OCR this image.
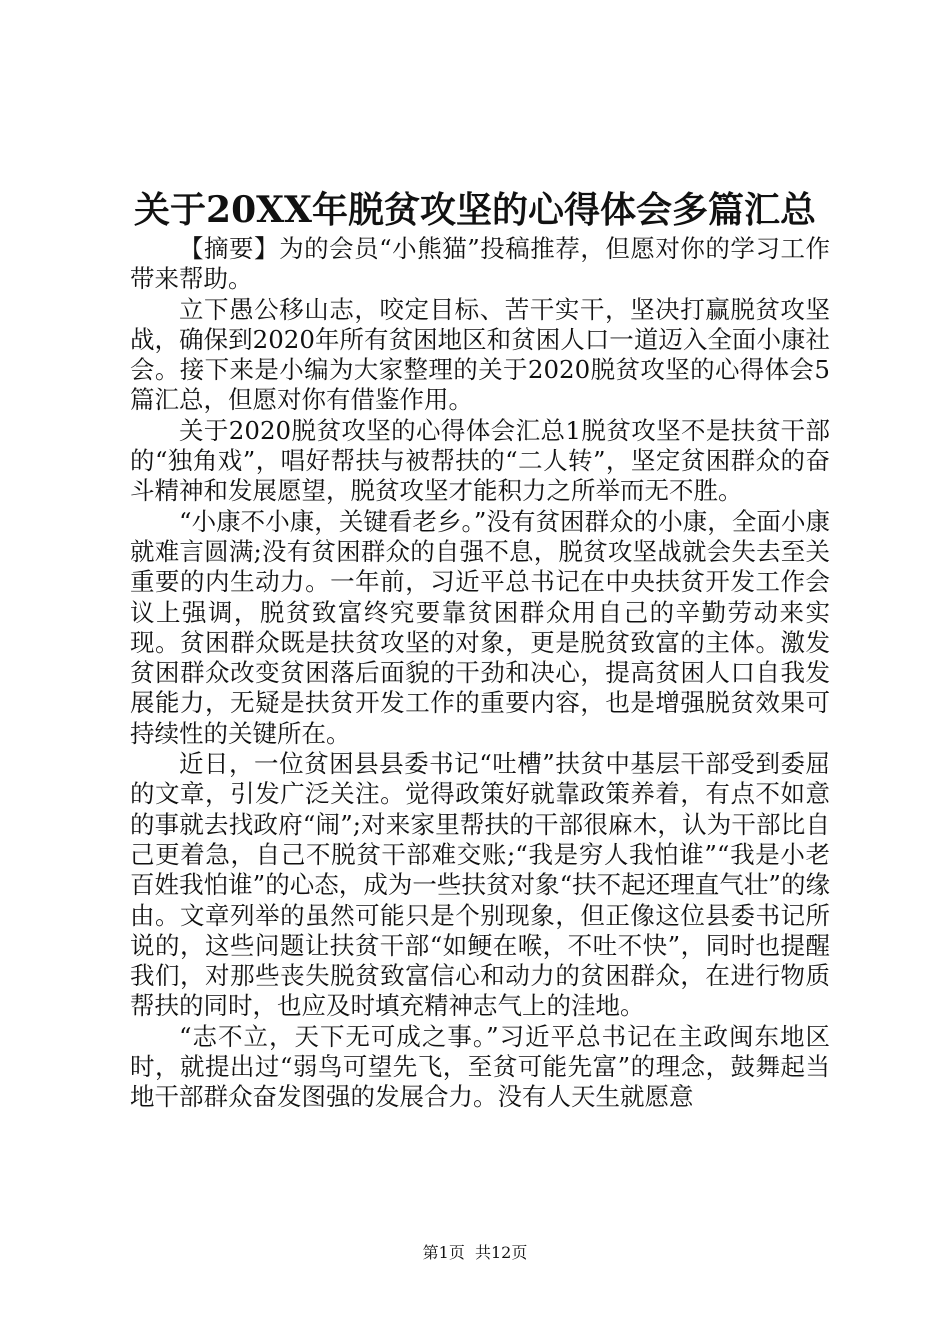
关于20XX年脱贫攻坚的心得体会多篇汇总

【摘要】为的会员“小熊猫”投稿推荐，但愿对你的学习工作带来帮助。

立下愚公移山志，咬定目标、苦干实干，坚决打赢脱贫攻坚战，确保到2020年所有贫困地区和贫困人口一道迈入全面小康社会。接下来是小编为大家整理的关于2020脱贫攻坚的心得体会5篇汇总，但愿对你有借鉴作用。

关于2020脱贫攻坚的心得体会汇总1脱贫攻坚不是扶贫干部的“独角戏”，唱好帮扶与被帮扶的“二人转”，坚定贫困群众的奋斗精神和发展愿望，脱贫攻坚才能积力之所举而无不胜。

“小康不小康，关键看老乡。”没有贫困群众的小康，全面小康就难言圆满;没有贫困群众的自强不息，脱贫攻坚战就会失去至关重要的内生动力。一年前，习近平总书记在中央扶贫开发工作会议上强调，脱贫致富终究要靠贫困群众用自己的辛勤劳动来实现。贫困群众既是扶贫攻坚的对象，更是脱贫致富的主体。激发贫困群众改变贫困落后面貌的干劲和决心，提高贫困人口自我发展能力，无疑是扶贫开发工作的重要内容，也是增强脱贫效果可持续性的关键所在。

近日，一位贫困县县委书记“吐槽”扶贫中基层干部受到委屈的文章，引发广泛关注。觉得政策好就靠政策养着，有点不如意的事就去找政府“闹”;对来家里帮扶的干部很麻木，认为干部比自己更着急，自己不脱贫干部难交账;“我是穷人我怕谁”“我是小老百姓我怕谁”的心态，成为一些扶贫对象“扶不起还理直气壮”的缘由。文章列举的虽然可能只是个别现象，但正像这位县委书记所说的，这些问题让扶贫干部“如鲠在喉，不吐不快”，同时也提醒我们，对那些丧失脱贫致富信心和动力的贫困群众，在进行物质帮扶的同时，也应及时填充精神志气上的洼地。

“志不立，天下无可成之事。”习近平总书记在主政闽东地区时，就提出过“弱鸟可望先飞，至贫可能先富”的理念，鼓舞起当地干部群众奋发图强的发展合力。没有人天生就愿意

第1页  共12页
